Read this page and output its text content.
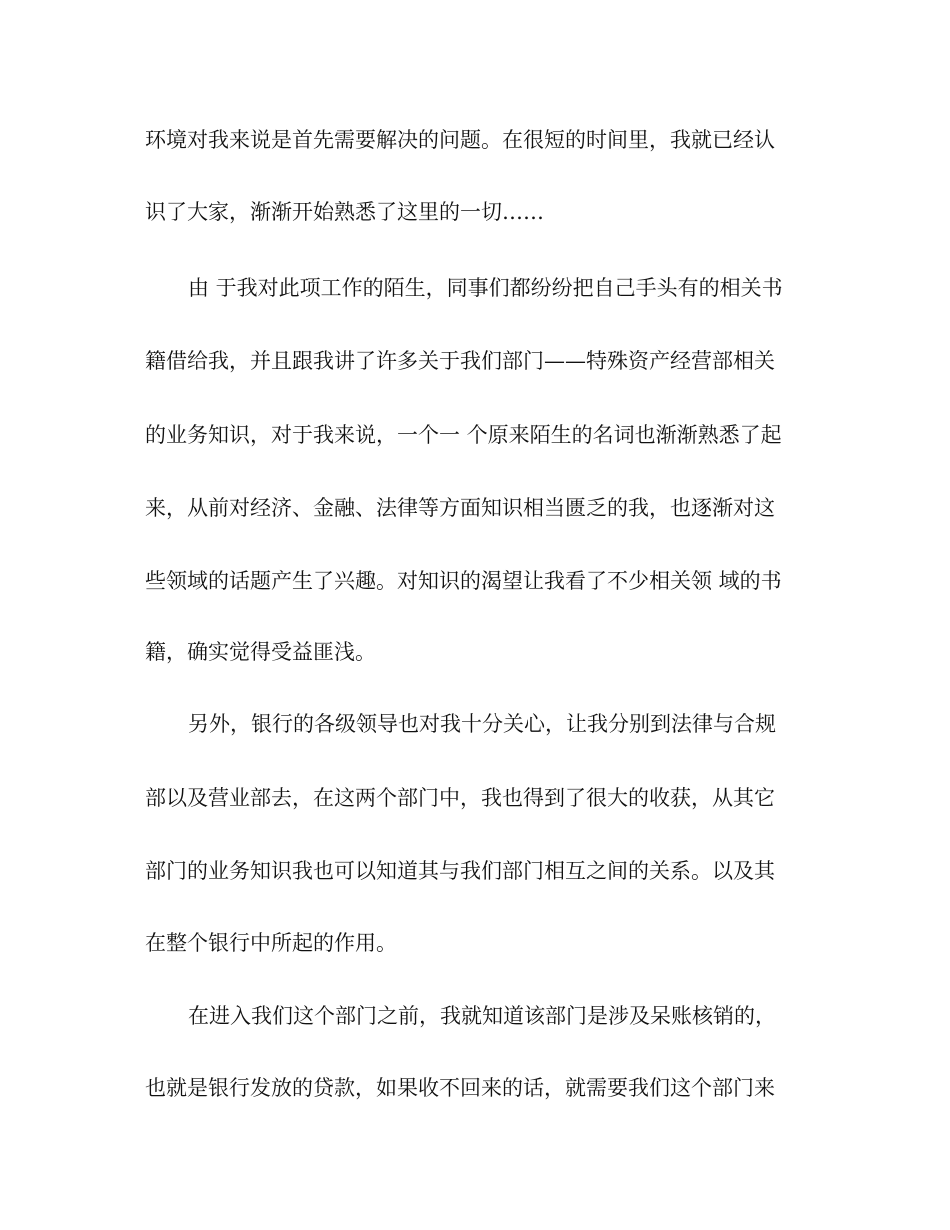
环境对我来说是首先需要解决的问题。在很短的时间里，我就已经认
识了大家，渐渐开始熟悉了这里的一切……
由 于我对此项工作的陌生，同事们都纷纷把自己手头有的相关书
籍借给我，并且跟我讲了许多关于我们部门——特殊资产经营部相关
的业务知识，对于我来说，一个一 个原来陌生的名词也渐渐熟悉了起
来，从前对经济、金融、法律等方面知识相当匮乏的我，也逐渐对这
些领域的话题产生了兴趣。对知识的渴望让我看了不少相关领 域的书
籍，确实觉得受益匪浅。
另外，银行的各级领导也对我十分关心，让我分别到法律与合规
部以及营业部去，在这两个部门中，我也得到了很大的收获，从其它
部门的业务知识我也可以知道其与我们部门相互之间的关系。以及其
在整个银行中所起的作用。
在进入我们这个部门之前，我就知道该部门是涉及呆账核销的，
也就是银行发放的贷款，如果收不回来的话，就需要我们这个部门来
